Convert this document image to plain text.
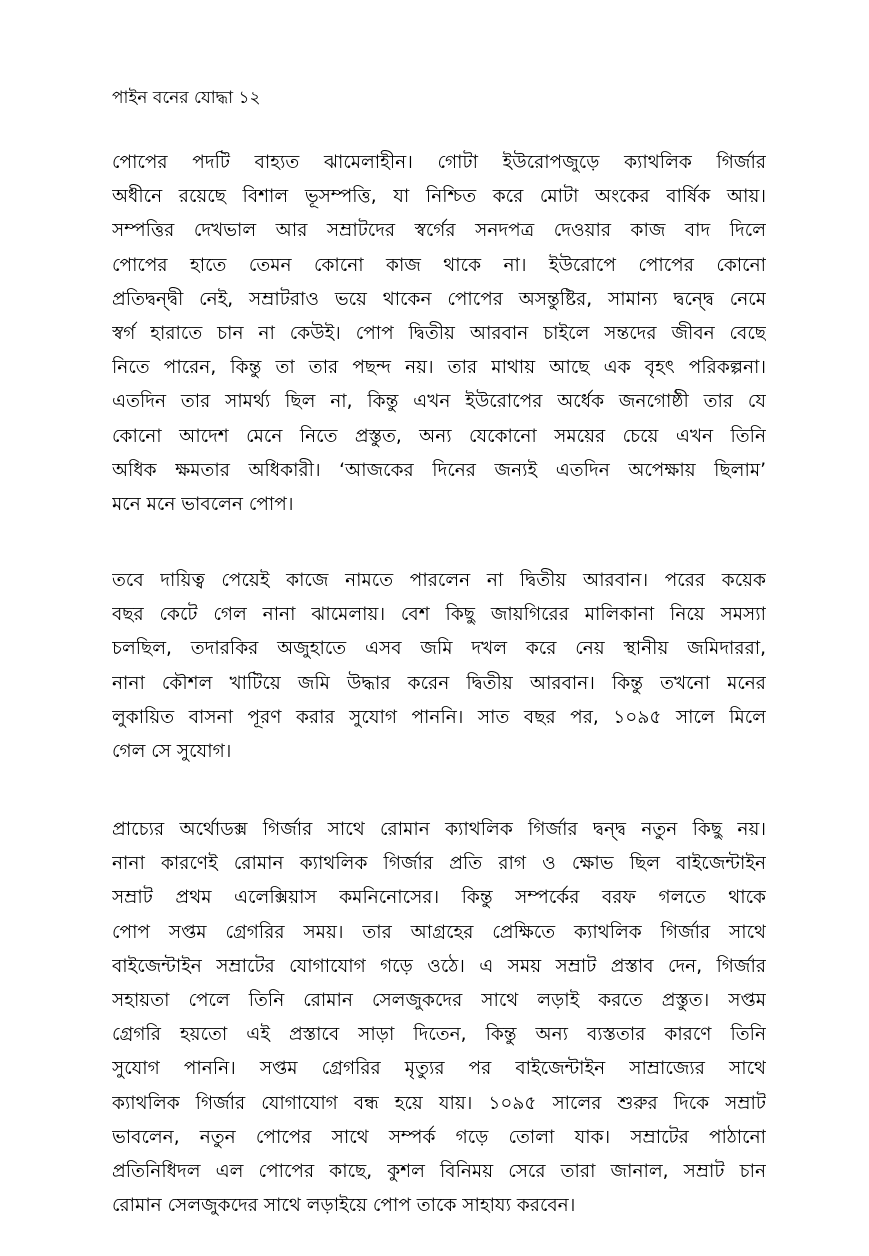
পাইন বনের যোদ্ধা ১২

পোপের পদটি বাহ্যত ঝামেলাহীন। গোটা ইউরোপজুড়ে ক্যাথলিক গির্জার
অধীনে রয়েছে বিশাল ভূসম্পত্তি, যা নিশ্চিত করে মোটা অংকের বার্ষিক আয়।
সম্পত্তির দেখভাল আর সম্রাটদের স্বর্গের সনদপত্র দেওয়ার কাজ বাদ দিলে
পোপের হাতে তেমন কোনো কাজ থাকে না। ইউরোপে পোপের কোনো
প্রতিদ্বন্দ্বী নেই, সম্রাটরাও ভয়ে থাকেন পোপের অসন্তুষ্টির, সামান্য দ্বন্দ্বে নেমে
স্বর্গ হারাতে চান না কেউই। পোপ দ্বিতীয় আরবান চাইলে সন্তদের জীবন বেছে
নিতে পারেন, কিন্তু তা তার পছন্দ নয়। তার মাথায় আছে এক বৃহৎ পরিকল্পনা।
এতদিন তার সামর্থ্য ছিল না, কিন্তু এখন ইউরোপের অর্ধেক জনগোষ্ঠী তার যে
কোনো আদেশ মেনে নিতে প্রস্তুত, অন্য যেকোনো সময়ের চেয়ে এখন তিনি
অধিক ক্ষমতার অধিকারী। ‘আজকের দিনের জন্যই এতদিন অপেক্ষায় ছিলাম’
মনে মনে ভাবলেন পোপ।

তবে দায়িত্ব পেয়েই কাজে নামতে পারলেন না দ্বিতীয় আরবান। পরের কয়েক
বছর কেটে গেল নানা ঝামেলায়। বেশ কিছু জায়গিরের মালিকানা নিয়ে সমস্যা
চলছিল, তদারকির অজুহাতে এসব জমি দখল করে নেয় স্থানীয় জমিদাররা,
নানা কৌশল খাটিয়ে জমি উদ্ধার করেন দ্বিতীয় আরবান। কিন্তু তখনো মনের
লুকায়িত বাসনা পূরণ করার সুযোগ পাননি। সাত বছর পর, ১০৯৫ সালে মিলে
গেল সে সুযোগ।

প্রাচ্যের অর্থোডক্স গির্জার সাথে রোমান ক্যাথলিক গির্জার দ্বন্দ্ব নতুন কিছু নয়।
নানা কারণেই রোমান ক্যাথলিক গির্জার প্রতি রাগ ও ক্ষোভ ছিল বাইজেন্টাইন
সম্রাট প্রথম এলেক্সিয়াস কমনিনোসের। কিন্তু সম্পর্কের বরফ গলতে থাকে
পোপ সপ্তম গ্রেগরির সময়। তার আগ্রহের প্রেক্ষিতে ক্যাথলিক গির্জার সাথে
বাইজেন্টাইন সম্রাটের যোগাযোগ গড়ে ওঠে। এ সময় সম্রাট প্রস্তাব দেন, গির্জার
সহায়তা পেলে তিনি রোমান সেলজুকদের সাথে লড়াই করতে প্রস্তুত। সপ্তম
গ্রেগরি হয়তো এই প্রস্তাবে সাড়া দিতেন, কিন্তু অন্য ব্যস্ততার কারণে তিনি
সুযোগ পাননি। সপ্তম গ্রেগরির মৃত্যুর পর বাইজেন্টাইন সাম্রাজ্যের সাথে
ক্যাথলিক গির্জার যোগাযোগ বন্ধ হয়ে যায়। ১০৯৫ সালের শুরুর দিকে সম্রাট
ভাবলেন, নতুন পোপের সাথে সম্পর্ক গড়ে তোলা যাক। সম্রাটের পাঠানো
প্রতিনিধিদল এল পোপের কাছে, কুশল বিনিময় সেরে তারা জানাল, সম্রাট চান
রোমান সেলজুকদের সাথে লড়াইয়ে পোপ তাকে সাহায্য করবেন।
